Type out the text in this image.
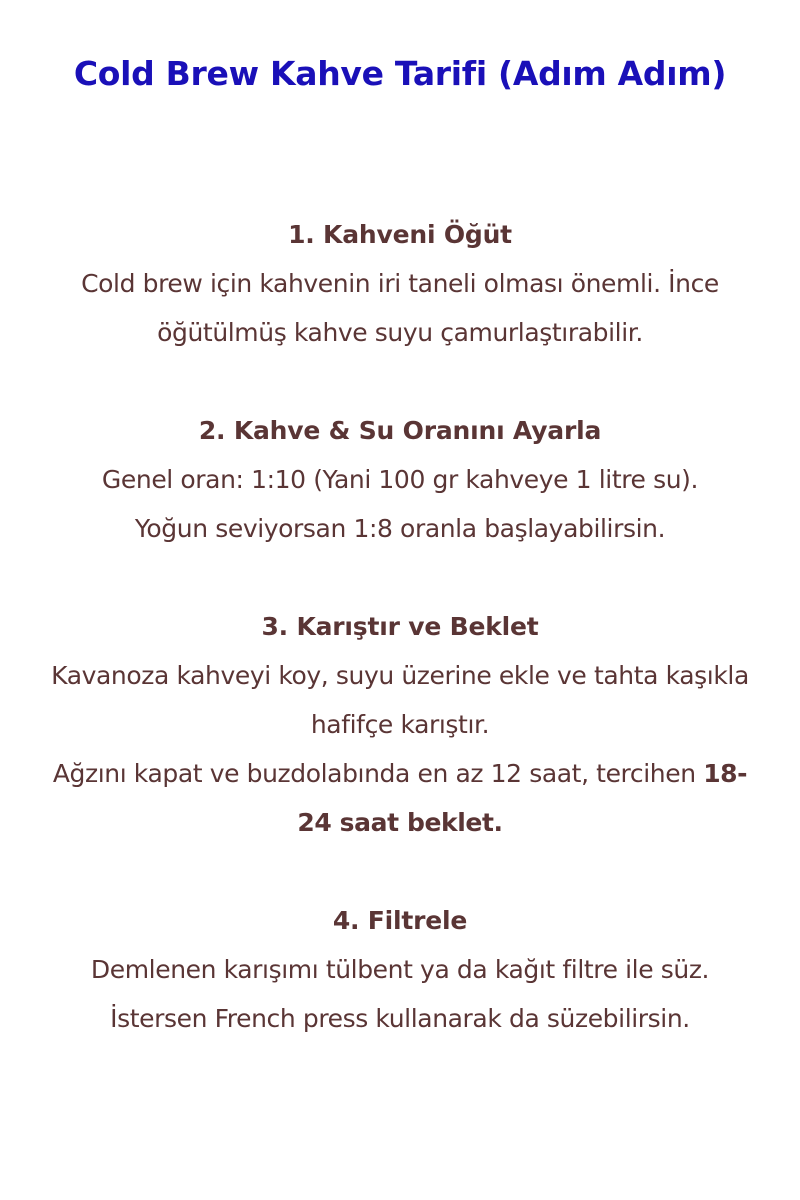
Cold Brew Kahve Tarifi (Adım Adım)

1. Kahveni Öğüt

Cold brew için kahvenin iri taneli olması önemli. İnce öğütülmüş kahve suyu çamurlaştırabilir.

2. Kahve & Su Oranını Ayarla

Genel oran: 1:10 (Yani 100 gr kahveye 1 litre su).

Yoğun seviyorsan 1:8 oranla başlayabilirsin.

3. Karıştır ve Beklet

Kavanoza kahveyi koy, suyu üzerine ekle ve tahta kaşıkla hafifçe karıştır.

Ağzını kapat ve buzdolabında en az 12 saat, tercihen 18-24 saat beklet.

4. Filtrele

Demlenen karışımı tülbent ya da kağıt filtre ile süz.

İstersen French press kullanarak da süzebilirsin.
